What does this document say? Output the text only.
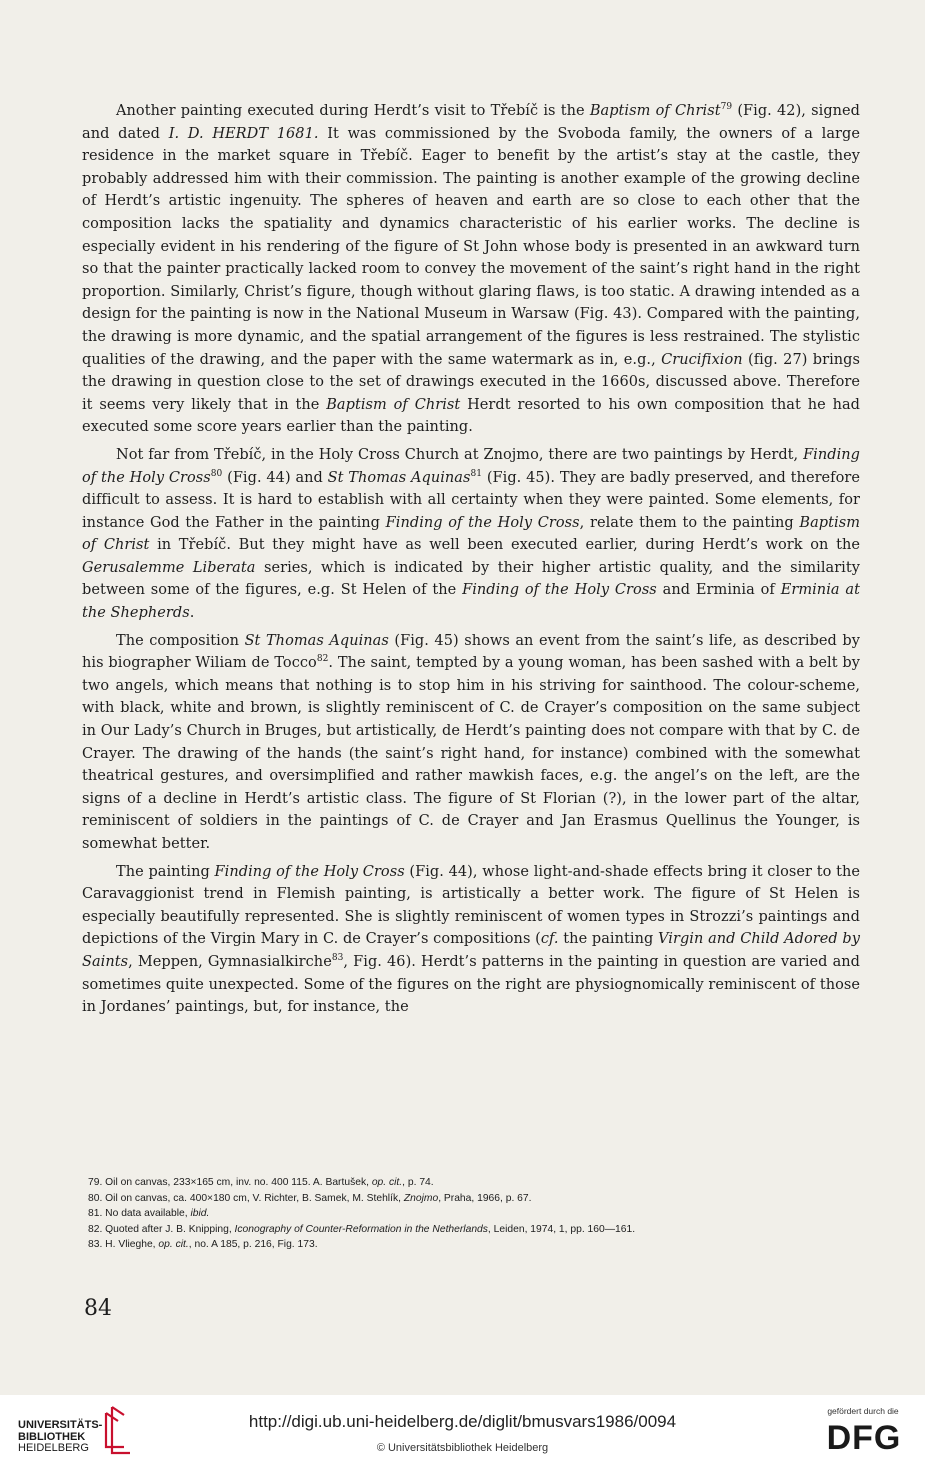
Another painting executed during Herdt’s visit to Třebíč is the Baptism of Christ$^{79}$ (Fig. 42), signed and dated I. D. HERDT 1681. It was commissioned by the Svoboda family, the owners of a large residence in the market square in Třebíč. Eager to benefit by the artist’s stay at the castle, they probably addressed him with their commission. The painting is another example of the growing decline of Herdt’s artistic ingenuity. The spheres of heaven and earth are so close to each other that the composition lacks the spatiality and dynamics characteristic of his earlier works. The decline is especially evident in his rendering of the figure of St John whose body is presented in an awkward turn so that the painter practically lacked room to convey the movement of the saint’s right hand in the right proportion. Similarly, Christ’s figure, though without glaring flaws, is too static. A drawing intended as a design for the painting is now in the National Museum in Warsaw (Fig. 43). Compared with the painting, the drawing is more dynamic, and the spatial arrangement of the figures is less restrained. The stylistic qualities of the drawing, and the paper with the same watermark as in, e.g., Crucifixion (fig. 27) brings the drawing in question close to the set of drawings executed in the 1660s, discussed above. Therefore it seems very likely that in the Baptism of Christ Herdt resorted to his own composition that he had executed some score years earlier than the painting.

Not far from Třebíč, in the Holy Cross Church at Znojmo, there are two paintings by Herdt, Finding of the Holy Cross$^{80}$ (Fig. 44) and St Thomas Aquinas$^{81}$ (Fig. 45). They are badly preserved, and therefore difficult to assess. It is hard to establish with all certainty when they were painted. Some elements, for instance God the Father in the painting Finding of the Holy Cross, relate them to the painting Baptism of Christ in Třebíč. But they might have as well been executed earlier, during Herdt’s work on the Gerusalemme Liberata series, which is indicated by their higher artistic quality, and the similarity between some of the figures, e.g. St Helen of the Finding of the Holy Cross and Erminia of Erminia at the Shepherds.

The composition St Thomas Aquinas (Fig. 45) shows an event from the saint’s life, as described by his biographer Wiliam de Tocco$^{82}$. The saint, tempted by a young woman, has been sashed with a belt by two angels, which means that nothing is to stop him in his striving for sainthood. The colour-scheme, with black, white and brown, is slightly reminiscent of C. de Crayer’s composition on the same subject in Our Lady’s Church in Bruges, but artistically, de Herdt’s painting does not compare with that by C. de Crayer. The drawing of the hands (the saint’s right hand, for instance) combined with the somewhat theatrical gestures, and oversimplified and rather mawkish faces, e.g. the angel’s on the left, are the signs of a decline in Herdt’s artistic class. The figure of St Florian (?), in the lower part of the altar, reminiscent of soldiers in the paintings of C. de Crayer and Jan Erasmus Quellinus the Younger, is somewhat better.

The painting Finding of the Holy Cross (Fig. 44), whose light-and-shade effects bring it closer to the Caravaggionist trend in Flemish painting, is artistically a better work. The figure of St Helen is especially beautifully represented. She is slightly reminiscent of women types in Strozzi’s paintings and depictions of the Virgin Mary in C. de Crayer’s compositions (cf. the painting Virgin and Child Adored by Saints, Meppen, Gymnasialkirche$^{83}$, Fig. 46). Herdt’s patterns in the painting in question are varied and sometimes quite unexpected. Some of the figures on the right are physiognomically reminiscent of those in Jordanes’ paintings, but, for instance, the

79. Oil on canvas, 233×165 cm, inv. no. 400 115. A. Bartušek, op. cit., p. 74.

80. Oil on canvas, ca. 400×180 cm, V. Richter, B. Samek, M. Stehlík, Znojmo, Praha, 1966, p. 67.

81. No data available, ibid.

82. Quoted after J. B. Knipping, Iconography of Counter-Reformation in the Netherlands, Leiden, 1974, 1, pp. 160—161.

83. H. Vlieghe, op. cit., no. A 185, p. 216, Fig. 173.

84
UNIVERSITÄTS-
BIBLIOTHEK
HEIDELBERG
http://digi.ub.uni-heidelberg.de/diglit/bmusvars1986/0094
© Universitätsbibliothek Heidelberg
gefördert durch die
DFG
